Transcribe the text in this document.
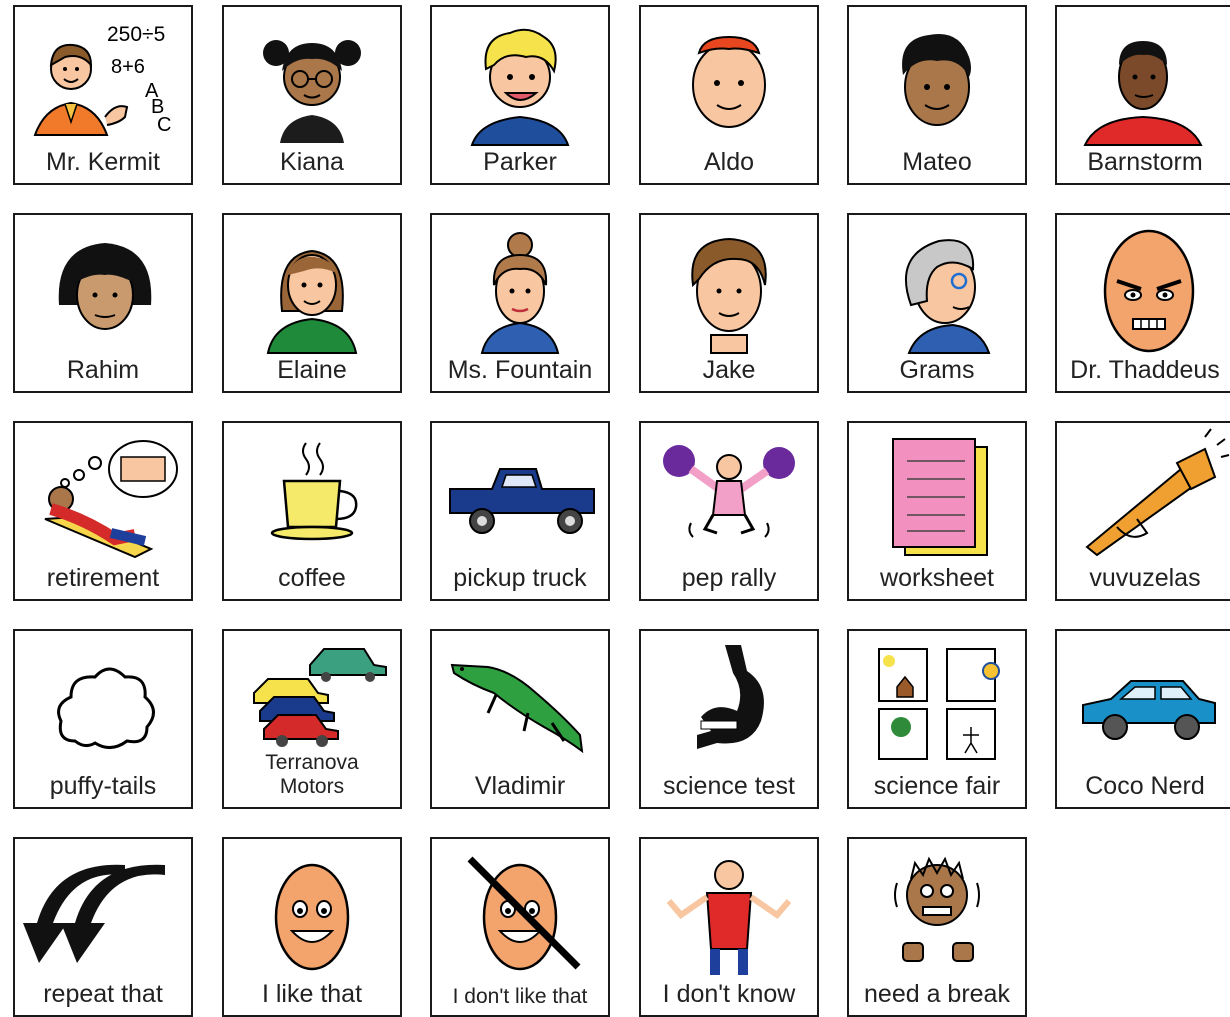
250÷5
8+6
A
B
C
Mr. Kermit	Kiana	Parker	Aldo	Mateo	Barnstorm
Rahim	Elaine	Ms. Fountain	Jake	Grams	Dr. Thaddeus
retirement	coffee	pickup truck	pep rally	worksheet	vuvuzelas
puffy-tails
Terranova
Motors	Vladimir	science test	science fair	Coco Nerd
repeat that	I like that	I don't like that	I don't know	need a break
